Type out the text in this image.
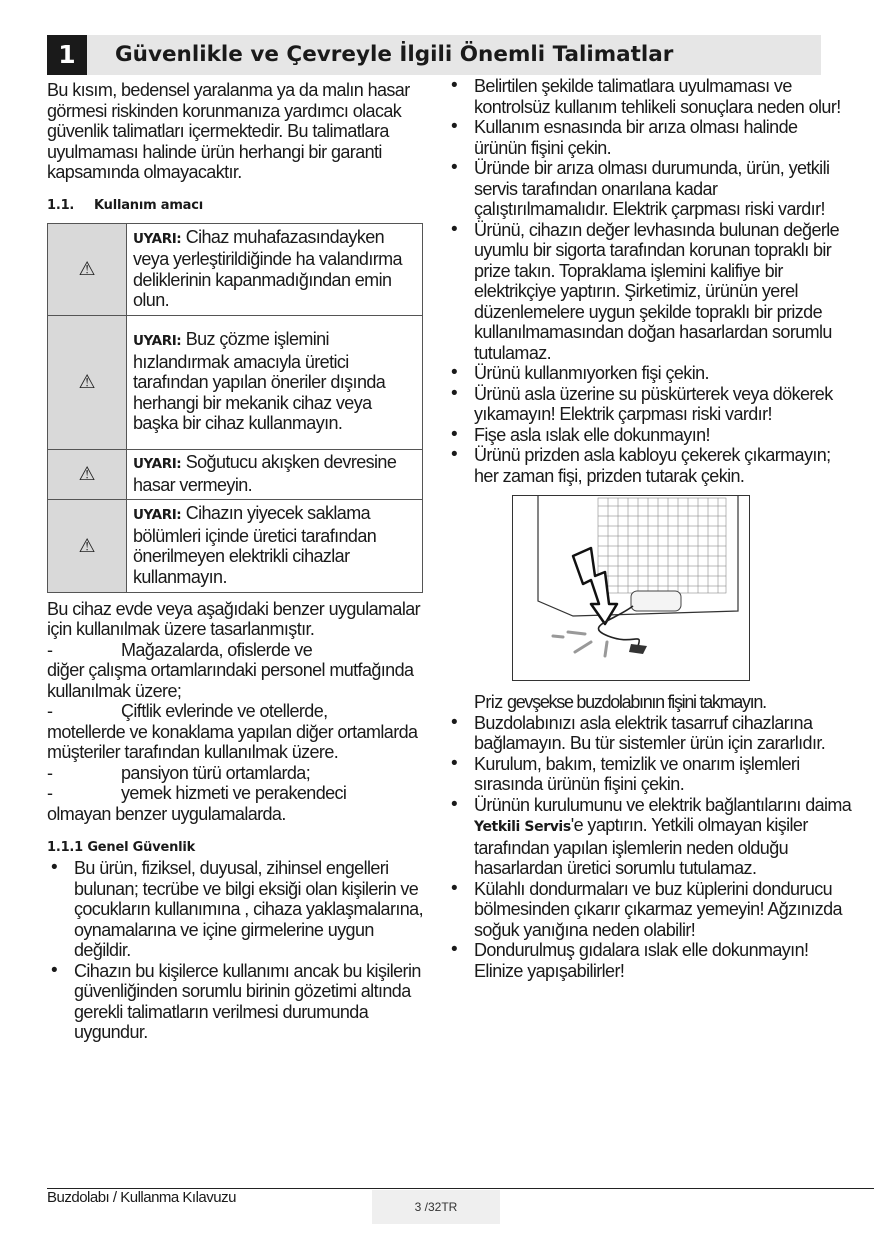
1	Güvenlikle ve Çevreyle İlgili Önemli Talimatlar

Bu kısım, bedensel yaralanma ya da malın hasar görmesi riskinden korunmanıza yardımcı olacak güvenlik talimatları içermektedir. Bu talimatlara uyulmaması halinde ürün herhangi bir garanti kapsamında olmayacaktır.

1.1. Kullanım amacı
⚠	UYARI: Cihaz muhafazasındayken veya yerleştirildiğinde ha valandırma deliklerinin kapanmadığından emin olun.
⚠	UYARI: Buz çözme işlemini hızlandırmak amacıyla üretici tarafından yapılan öneriler dışında herhangi bir mekanik cihaz veya başka bir cihaz kullanmayın.
⚠	UYARI: Soğutucu akışken devresine hasar vermeyin.
⚠	UYARI: Cihazın yiyecek saklama bölümleri içinde üretici tarafından önerilmeyen elektrikli cihazlar kullanmayın.

Bu cihaz evde veya aşağıdaki benzer uygulamalar için kullanılmak üzere tasarlanmıştır.

-	Mağazalarda, ofislerde ve
diğer çalışma ortamlarındaki personel mutfağında kullanılmak üzere;
-	Çiftlik evlerinde ve otellerde,
motellerde ve konaklama yapılan diğer ortamlarda müşteriler tarafından kullanılmak üzere.
-	pansiyon türü ortamlarda;
-	yemek hizmeti ve perakendeci
olmayan benzer uygulamalarda.
1.1.1 Genel Güvenlik
• Bu ürün, fiziksel, duyusal, zihinsel engelleri bulunan; tecrübe ve bilgi eksiği olan kişilerin ve çocukların kullanımına , cihaza yaklaşmalarına, oynamalarına ve içine girmelerine uygun değildir.
• Cihazın bu kişilerce kullanımı ancak bu kişilerin güvenliğinden sorumlu birinin gözetimi altında gerekli talimatların verilmesi durumunda uygundur.
• Belirtilen şekilde talimatlara uyulmaması ve kontrolsüz kullanım tehlikeli sonuçlara neden olur!
• Kullanım esnasında bir arıza olması halinde ürünün fişini çekin.
• Üründe bir arıza olması durumunda, ürün, yetkili servis tarafından onarılana kadar çalıştırılmamalıdır. Elektrik çarpması riski vardır!
• Ürünü, cihazın değer levhasında bulunan değerle uyumlu bir sigorta tarafından korunan topraklı bir prize takın. Topraklama işlemini kalifiye bir elektrikçiye yaptırın. Şirketimiz, ürünün yerel düzenlemelere uygun şekilde topraklı bir prizde kullanılmamasından doğan hasarlardan sorumlu tutulamaz.
• Ürünü kullanmıyorken fişi çekin.
• Ürünü asla üzerine su püskürterek veya dökerek yıkamayın! Elektrik çarpması riski vardır!
• Fişe asla ıslak elle dokunmayın!
• Ürünü prizden asla kabloyu çekerek çıkarmayın; her zaman fişi, prizden tutarak çekin.
Priz gevşekse buzdolabının fişini takmayın.
• Buzdolabınızı asla elektrik tasarruf cihazlarına bağlamayın. Bu tür sistemler ürün için zararlıdır.
• Kurulum, bakım, temizlik ve onarım işlemleri sırasında ürünün fişini çekin.
• Ürünün kurulumunu ve elektrik bağlantılarını daima Yetkili Servis'e yaptırın. Yetkili olmayan kişiler tarafından yapılan işlemlerin neden olduğu hasarlardan üretici sorumlu tutulamaz.
• Külahlı dondurmaları ve buz küplerini dondurucu bölmesinden çıkarır çıkarmaz yemeyin! Ağzınızda soğuk yanığına neden olabilir!
• Dondurulmuş gıdalara ıslak elle dokunmayın! Elinize yapışabilirler!
Buzdolabı / Kullanma Kılavuzu
3 /32TR
